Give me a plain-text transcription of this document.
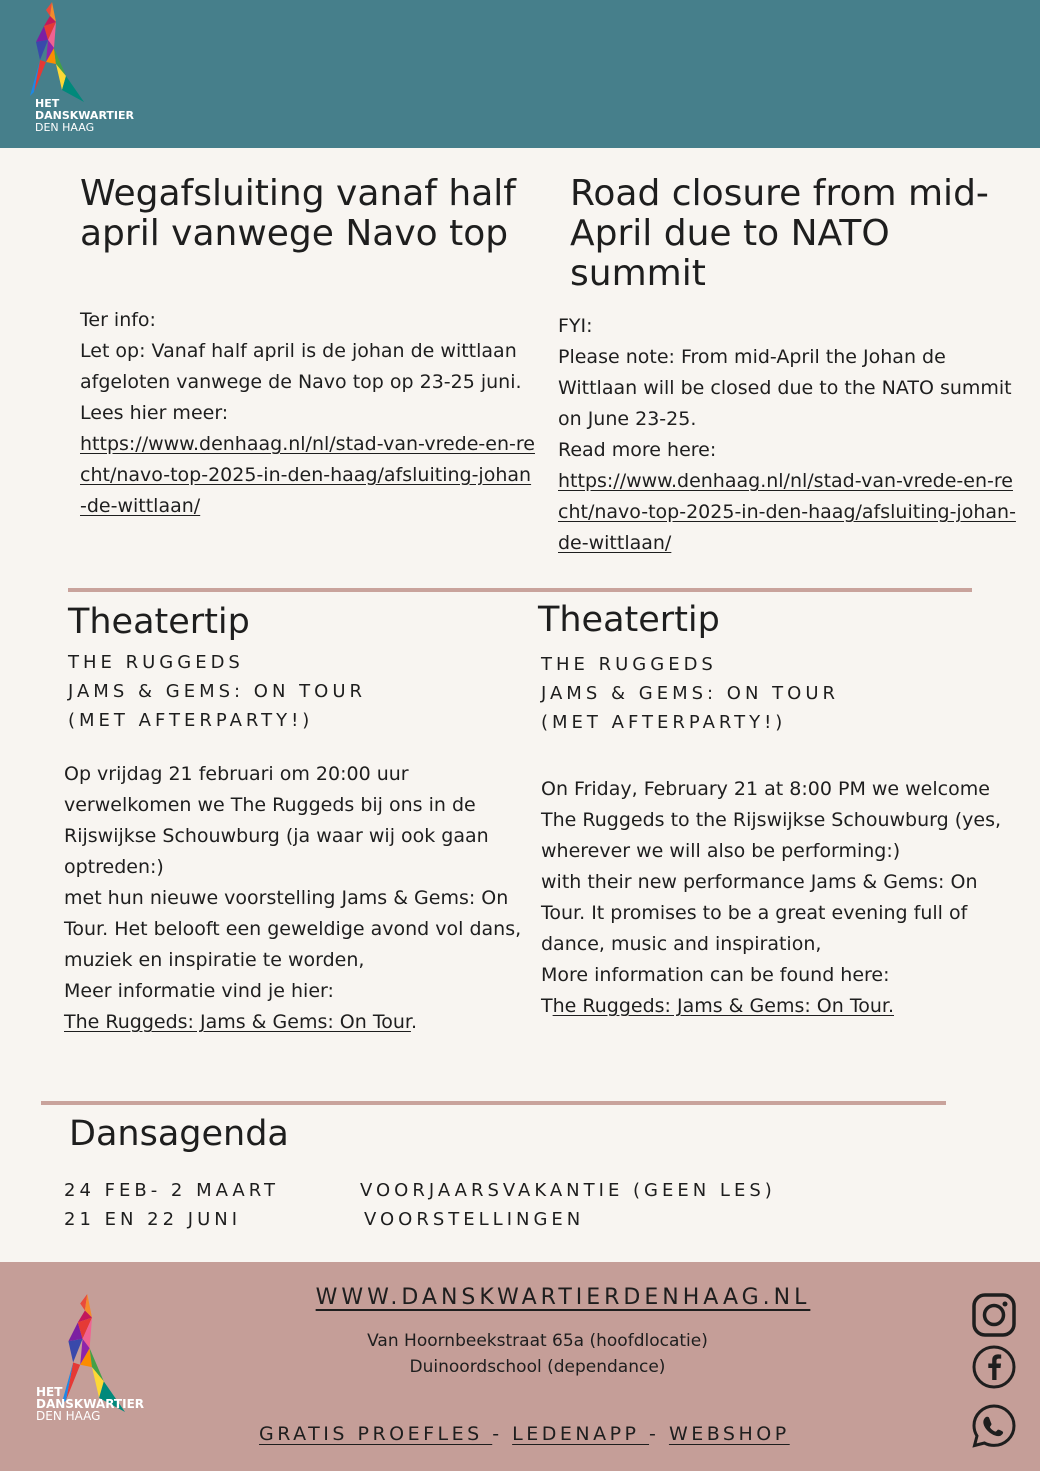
HET
DANSKWARTIER
DEN HAAG
Wegafsluiting vanaf half april vanwege Navo top

Ter info:

Let op: Vanaf half april is de johan de wittlaan afgeloten vanwege de Navo top op 23-25 juni.

Lees hier meer:

https://www.denhaag.nl/nl/stad-van-vrede-en-recht/navo-top-2025-in-den-haag/afsluiting-johan-de-wittlaan/

Road closure from mid-April due to NATO summit

FYI:

Please note: From mid-April the Johan de Wittlaan will be closed due to the NATO summit on June 23-25.

Read more here:

https://www.denhaag.nl/nl/stad-van-vrede-en-recht/navo-top-2025-in-den-haag/afsluiting-johan-de-wittlaan/

Theatertip
THE RUGGEDS
JAMS & GEMS: ON TOUR
(MET AFTERPARTY!)

Op vrijdag 21 februari om 20:00 uur verwelkomen we The Ruggeds bij ons in de Rijswijkse Schouwburg (ja waar wij ook gaan optreden:)

met hun nieuwe voorstelling Jams & Gems: On Tour. Het belooft een geweldige avond vol dans, muziek en inspiratie te worden,

Meer informatie vind je hier:

The Ruggeds: Jams & Gems: On Tour.

Theatertip
THE RUGGEDS
JAMS & GEMS: ON TOUR
(MET AFTERPARTY!)

On Friday, February 21 at 8:00 PM we welcome The Ruggeds to the Rijswijkse Schouwburg (yes, wherever we will also be performing:)

with their new performance Jams & Gems: On Tour. It promises to be a great evening full of dance, music and inspiration,

More information can be found here:

The Ruggeds: Jams & Gems: On Tour.

Dansagenda
24 FEB- 2 MAART	VOORJAARSVAKANTIE (GEEN LES)
21 EN 22 JUNI	VOORSTELLINGEN
HET
DANSKWARTIER
DEN HAAG
WWW.DANSKWARTIERDENHAAG.NL
Van Hoornbeekstraat 65a (hoofdlocatie)
Duinoordschool (dependance)
GRATIS PROEFLES - LEDENAPP - WEBSHOP
